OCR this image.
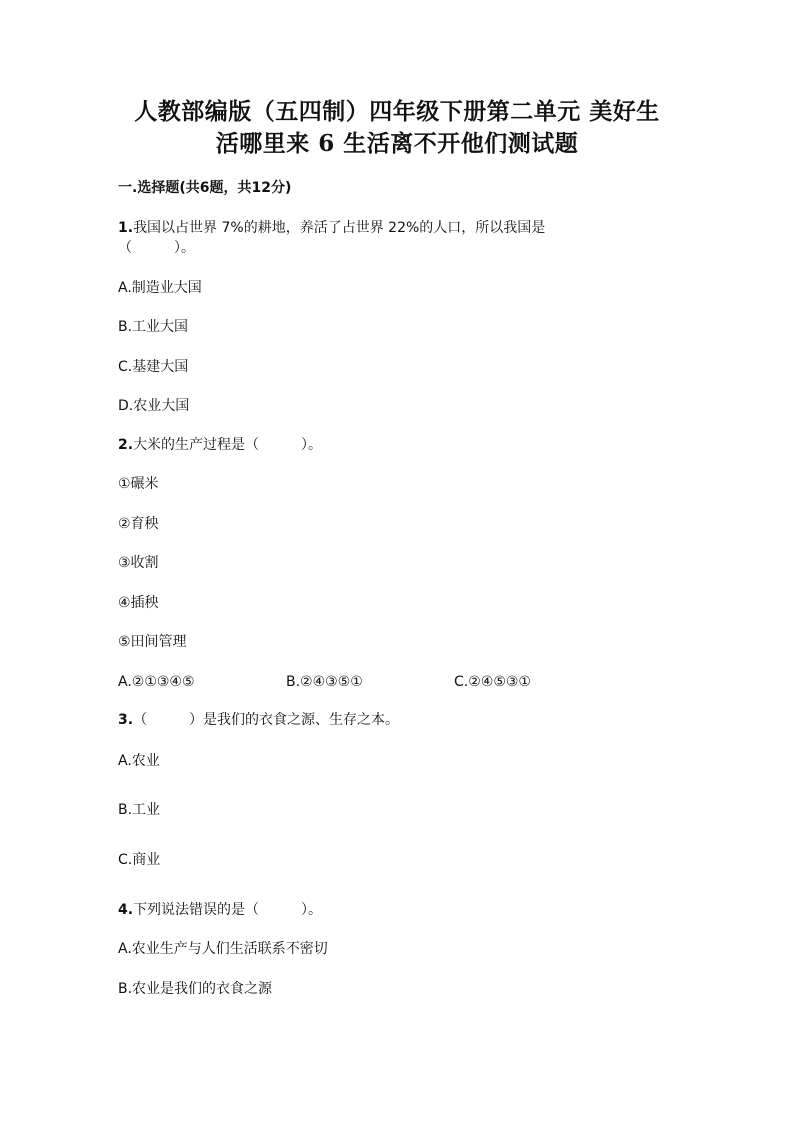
人教部编版（五四制）四年级下册第二单元 美好生
活哪里来 6 生活离不开他们测试题
一.选择题(共6题，共12分)
1.我国以占世界 7%的耕地，养活了占世界 22%的人口，所以我国是
（　　　）。
A.制造业大国
B.工业大国
C.基建大国
D.农业大国
2.大米的生产过程是（　　　）。
①碾米
②育秧
③收割
④插秧
⑤田间管理
A.②①③④⑤	B.②④③⑤①	C.②④⑤③①
3.（　　　）是我们的衣食之源、生存之本。
A.农业
B.工业
C.商业
4.下列说法错误的是（　　　）。
A.农业生产与人们生活联系不密切
B.农业是我们的衣食之源
